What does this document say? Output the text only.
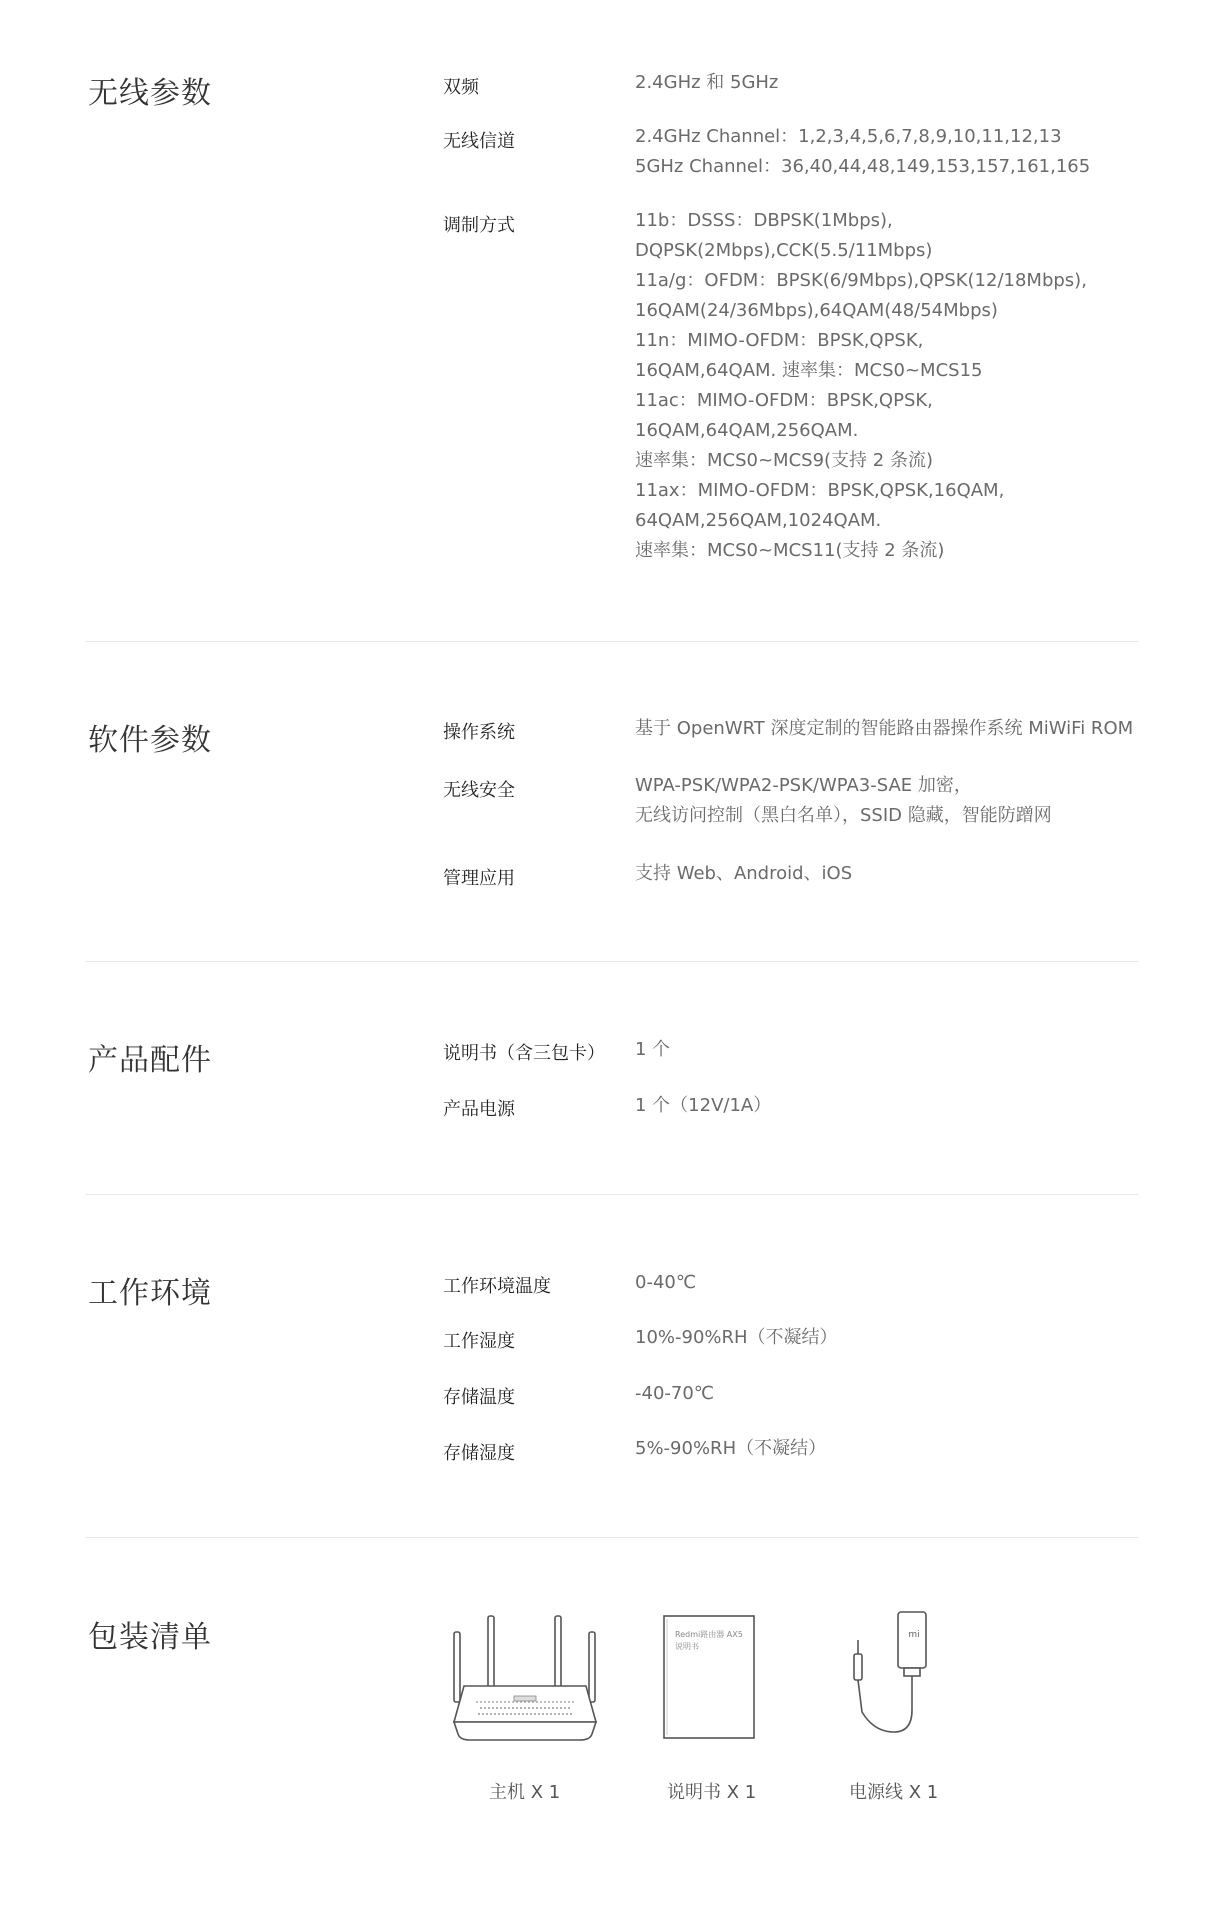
无线参数	双频	2.4GHz 和 5GHz
无线信道	2.4GHz Channel：1,2,3,4,5,6,7,8,9,10,11,12,13
5GHz Channel：36,40,44,48,149,153,157,161,165
调制方式	11b：DSSS：DBPSK(1Mbps),
DQPSK(2Mbps),CCK(5.5/11Mbps)
11a/g：OFDM：BPSK(6/9Mbps),QPSK(12/18Mbps),
16QAM(24/36Mbps),64QAM(48/54Mbps)
11n：MIMO-OFDM：BPSK,QPSK,
16QAM,64QAM. 速率集：MCS0~MCS15
11ac：MIMO-OFDM：BPSK,QPSK,
16QAM,64QAM,256QAM.
速率集：MCS0~MCS9(支持 2 条流)
11ax：MIMO-OFDM：BPSK,QPSK,16QAM,
64QAM,256QAM,1024QAM.
速率集：MCS0~MCS11(支持 2 条流)
软件参数	操作系统	基于 OpenWRT 深度定制的智能路由器操作系统 MiWiFi ROM
无线安全	WPA-PSK/WPA2-PSK/WPA3-SAE 加密，
无线访问控制（黑白名单），SSID 隐藏，智能防蹭网
管理应用	支持 Web、Android、iOS
产品配件	说明书（含三包卡） 1 个
产品电源	1 个（12V/1A）
工作环境	工作环境温度	0-40℃
工作湿度	10%-90%RH（不凝结）
存储温度	-40-70℃
存储湿度	5%-90%RH（不凝结）
包装清单
主机 X 1
Redmi路由器 AX5
说明书
说明书 X 1
mi
电源线 X 1
